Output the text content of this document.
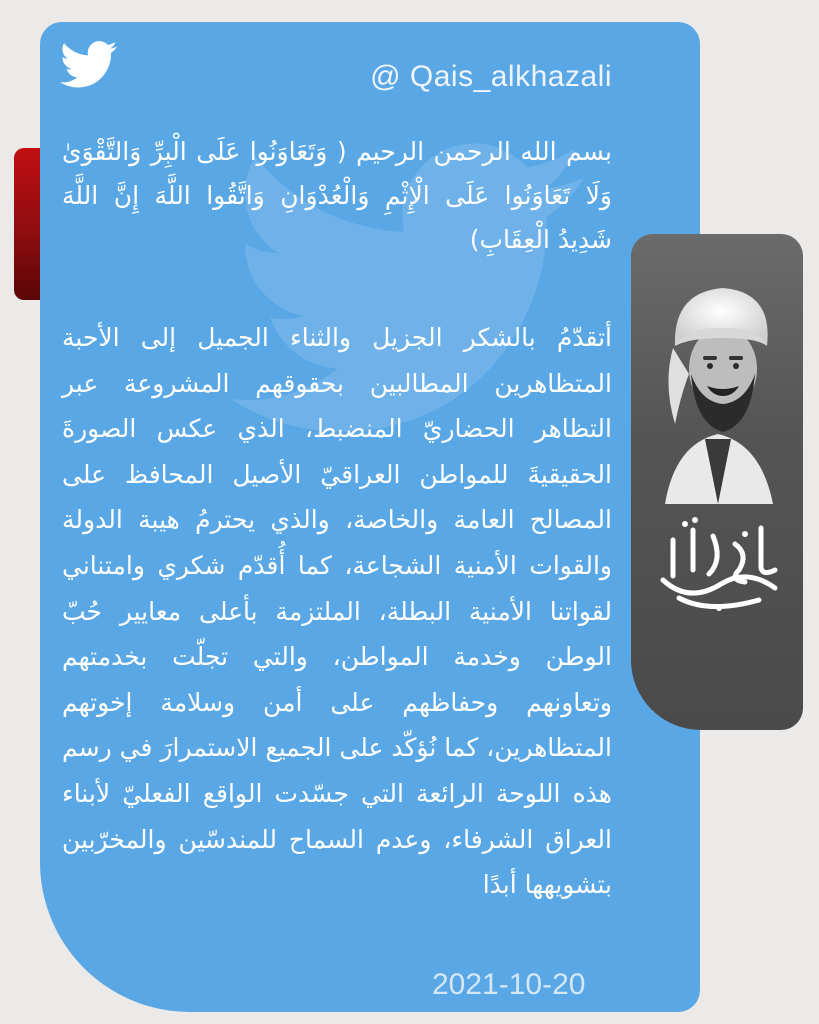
@ Qais_alkhazali
بسم الله الرحمن الرحيم ( وَتَعَاوَنُوا عَلَى الْبِرِّ وَالتَّقْوَىٰ وَلَا تَعَاوَنُوا عَلَى الْإِثْمِ وَالْعُدْوَانِ وَاتَّقُوا اللَّهَ إِنَّ اللَّهَ شَدِيدُ الْعِقَابِ)
أتقدّمُ بالشكر الجزيل والثناء الجميل إلى الأحبة المتظاهرين المطالبين بحقوقهم المشروعة عبر التظاهر الحضاريّ المنضبط، الذي عكس الصورةَ الحقيقيةَ للمواطن العراقيّ الأصيل المحافظ على المصالح العامة والخاصة، والذي يحترمُ هيبة الدولة والقوات الأمنية الشجاعة، كما أُقدّم شكري وامتناني لقواتنا الأمنية البطلة، الملتزمة بأعلى معايير حُبّ الوطن وخدمة المواطن، والتي تجلّت بخدمتهم وتعاونهم وحفاظهم على أمن وسلامة إخوتهم المتظاهرين، كما نُؤكّد على الجميع الاستمرارَ في رسم هذه اللوحة الرائعة التي جسّدت الواقع الفعليّ لأبناء العراق الشرفاء، وعدم السماح للمندسّين والمخرّبين بتشويهها أبدًا
2021-10-20
